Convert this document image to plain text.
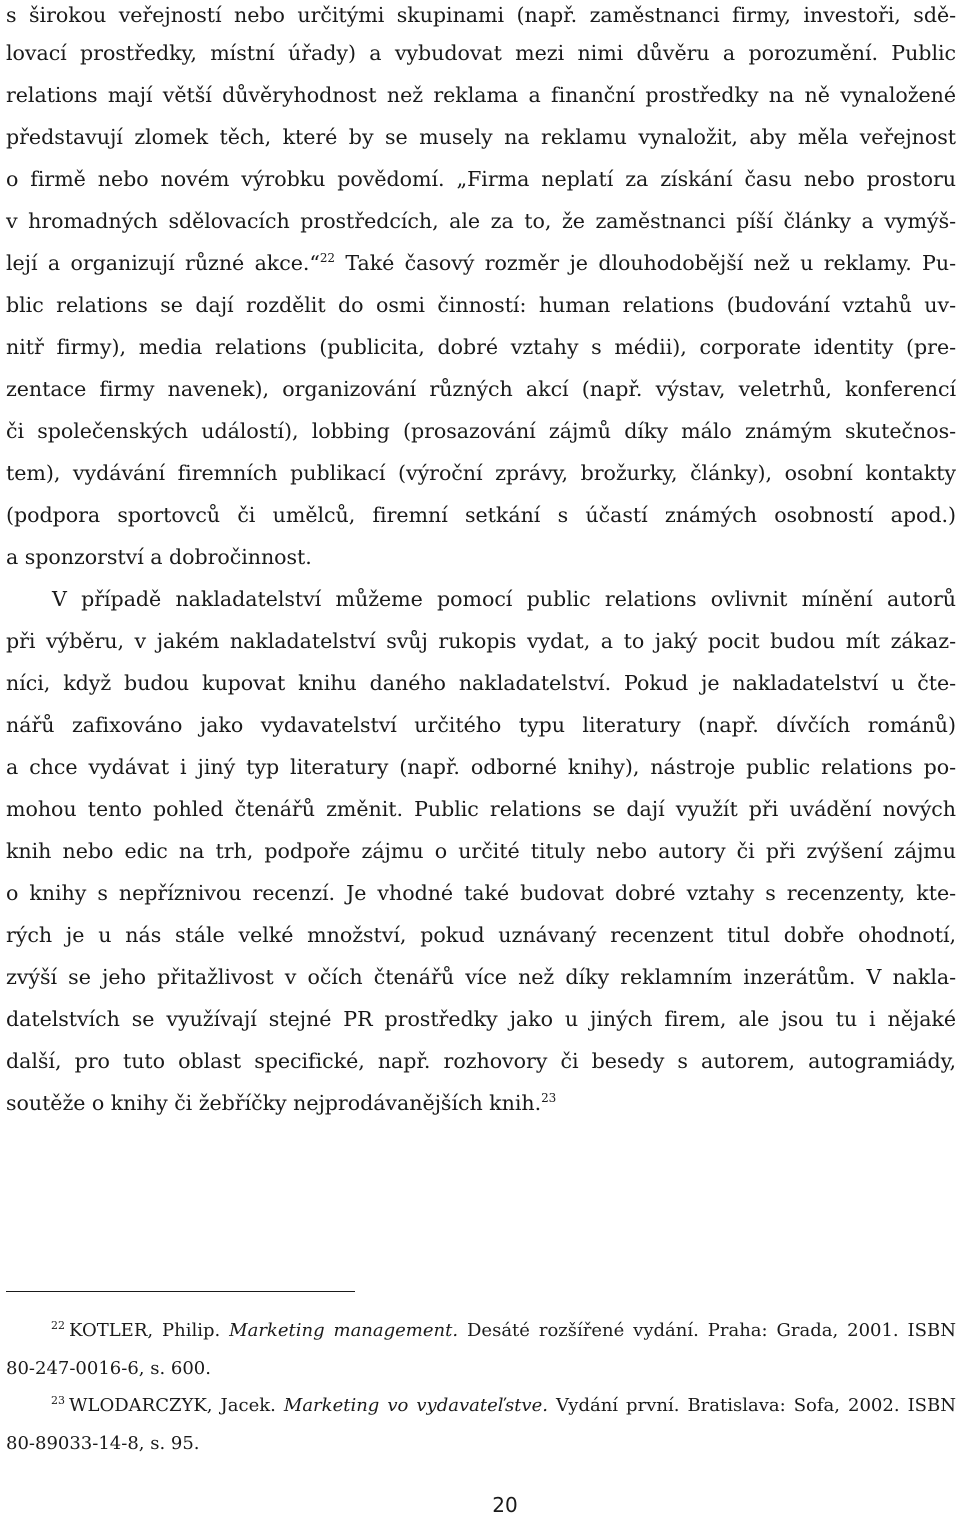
s širokou veřejností nebo určitými skupinami (např. zaměstnanci firmy, investoři, sdě-
lovací prostředky, místní úřady) a vybudovat mezi nimi důvěru a porozumění. Public
relations mají větší důvěryhodnost než reklama a finanční prostředky na ně vynaložené
představují zlomek těch, které by se musely na reklamu vynaložit, aby měla veřejnost
o firmě nebo novém výrobku povědomí. „Firma neplatí za získání času nebo prostoru
v hromadných sdělovacích prostředcích, ale za to, že zaměstnanci píší články a vymýš-
lejí a organizují různé akce.“$^{22}$ Také časový rozměr je dlouhodobější než u reklamy. Pu-
blic relations se dají rozdělit do osmi činností: human relations (budování vztahů uv-
nitř firmy), media relations (publicita, dobré vztahy s médii), corporate identity (pre-
zentace firmy navenek), organizování různých akcí (např. výstav, veletrhů, konferencí
či společenských událostí), lobbing (prosazování zájmů díky málo známým skutečnos-
tem), vydávání firemních publikací (výroční zprávy, brožurky, články), osobní kontakty
(podpora sportovců či umělců, firemní setkání s účastí známých osobností apod.)
a sponzorství a dobročinnost.
V případě nakladatelství můžeme pomocí public relations ovlivnit mínění autorů
při výběru, v jakém nakladatelství svůj rukopis vydat, a to jaký pocit budou mít zákaz-
níci, když budou kupovat knihu daného nakladatelství. Pokud je nakladatelství u čte-
nářů zafixováno jako vydavatelství určitého typu literatury (např. dívčích románů)
a chce vydávat i jiný typ literatury (např. odborné knihy), nástroje public relations po-
mohou tento pohled čtenářů změnit. Public relations se dají využít při uvádění nových
knih nebo edic na trh, podpoře zájmu o určité tituly nebo autory či při zvýšení zájmu
o knihy s nepříznivou recenzí. Je vhodné také budovat dobré vztahy s recenzenty, kte-
rých je u nás stále velké množství, pokud uznávaný recenzent titul dobře ohodnotí,
zvýší se jeho přitažlivost v očích čtenářů více než díky reklamním inzerátům. V nakla-
datelstvích se využívají stejné PR prostředky jako u jiných firem, ale jsou tu i nějaké
další, pro tuto oblast specifické, např. rozhovory či besedy s autorem, autogramiády,
soutěže o knihy či žebříčky nejprodávanějších knih.$^{23}$
$^{22}$ KOTLER, Philip. Marketing management. Desáté rozšířené vydání. Praha: Grada, 2001. ISBN
80-247-0016-6, s. 600.
$^{23}$ WLODARCZYK, Jacek. Marketing vo vydavateľstve. Vydání první. Bratislava: Sofa, 2002. ISBN
80-89033-14-8, s. 95.
20
